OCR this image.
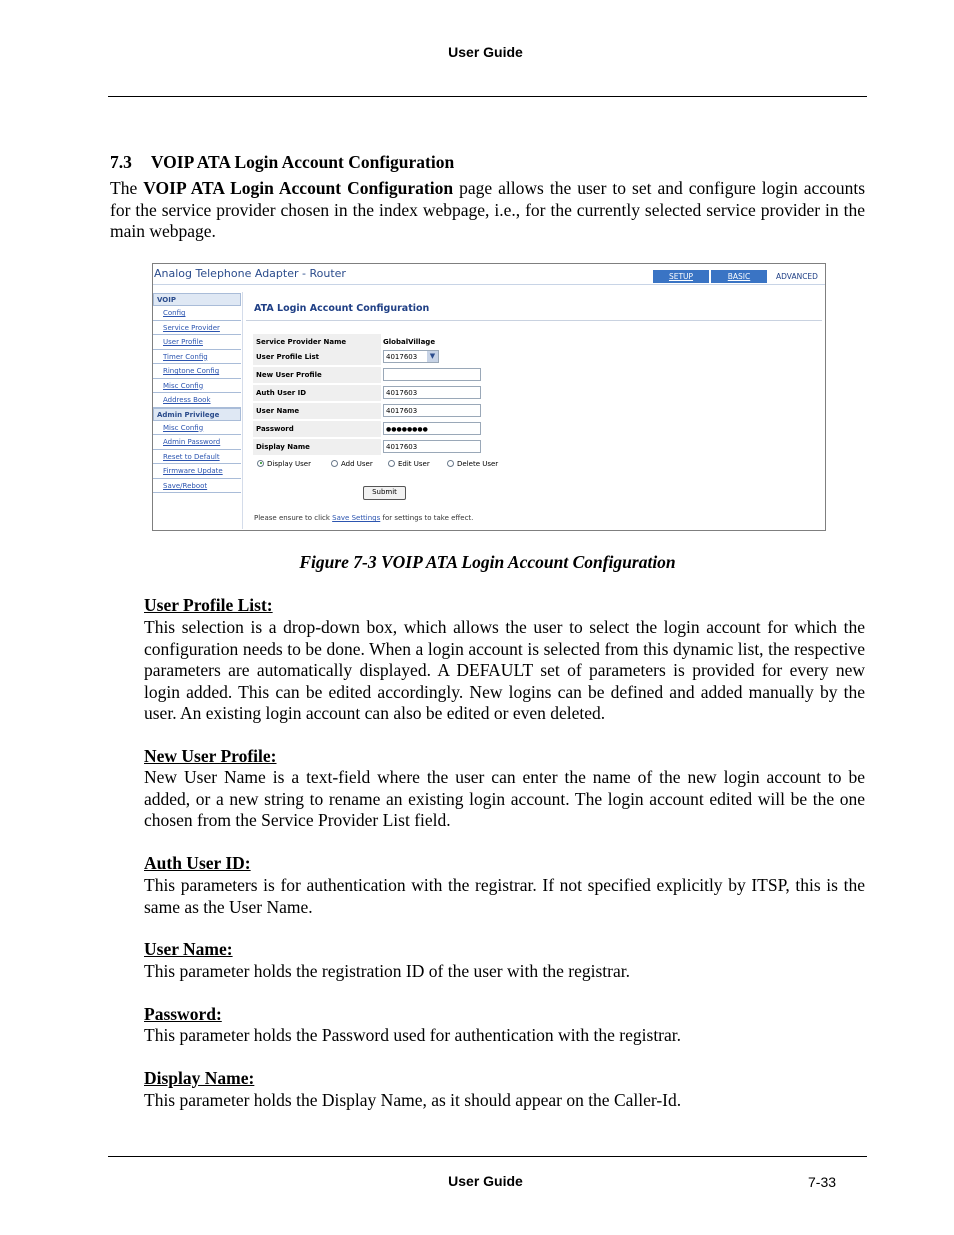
User Guide
7.3 VOIP ATA Login Account Configuration
The VOIP ATA Login Account Configuration page allows the user to set and configure login accounts for the service provider chosen in the index webpage, i.e., for the currently selected service provider in the main webpage.
Analog Telephone Adapter - Router	SETUP	BASIC	ADVANCED
VOIP
Config
Service Provider
User Profile
Timer Config
Ringtone Config
Misc Config
Address Book
Admin Privilege
Misc Config
Admin Password
Reset to Default
Firmware Update
Save/Reboot
ATA Login Account Configuration
Service Provider Name	GlobalVillage
User Profile List	4017603	▼
New User Profile
Auth User ID	4017603
User Name	4017603
Password	●●●●●●●●
Display Name	4017603
Display User	Add User	Edit User	Delete User
Submit
Please ensure to click Save Settings for settings to take effect.
Figure 7-3 VOIP ATA Login Account Configuration
User Profile List:
This selection is a drop-down box, which allows the user to select the login account for which the configuration needs to be done. When a login account is selected from this dynamic list, the respective parameters are automatically displayed. A DEFAULT set of parameters is provided for every new login added. This can be edited accordingly. New logins can be defined and added manually by the user. An existing login account can also be edited or even deleted.
New User Profile:
New User Name is a text-field where the user can enter the name of the new login account to be added, or a new string to rename an existing login account. The login account edited will be the one chosen from the Service Provider List field.
Auth User ID:
This parameters is for authentication with the registrar. If not specified explicitly by ITSP, this is the same as the User Name.
User Name:
This parameter holds the registration ID of the user with the registrar.
Password:
This parameter holds the Password used for authentication with the registrar.
Display Name:
This parameter holds the Display Name, as it should appear on the Caller-Id.
User Guide	7-33
